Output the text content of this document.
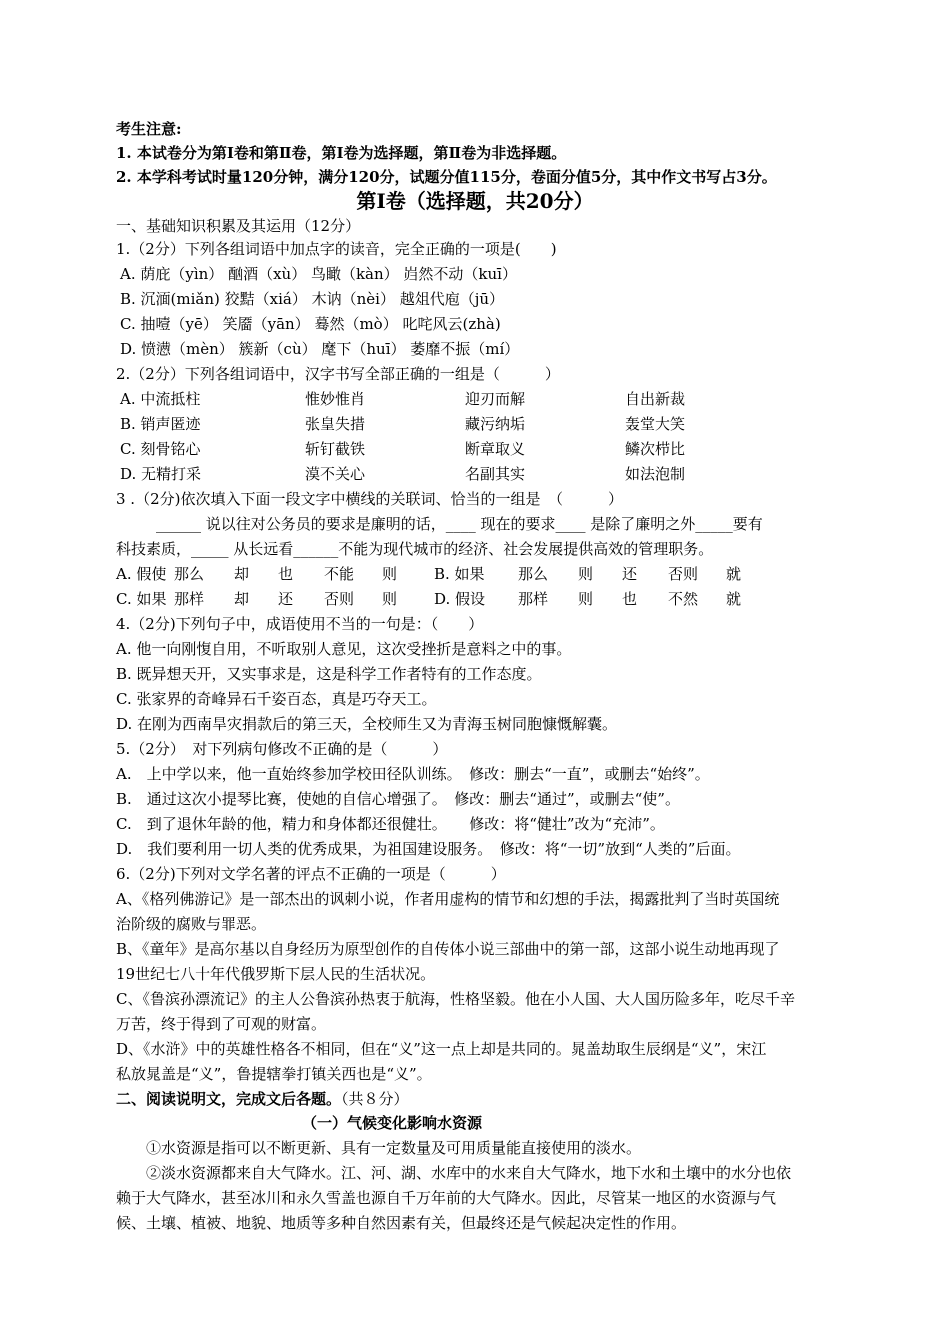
考生注意:
1. 本试卷分为第Ⅰ卷和第Ⅱ卷，第Ⅰ卷为选择题，第Ⅱ卷为非选择题。
2. 本学科考试时量120分钟，满分120分，试题分值115分，卷面分值5分，其中作文书写占3分。
第Ⅰ卷（选择题，共20分）
一、基础知识积累及其运用（12分）
1.（2分）下列各组词语中加点字的读音，完全正确的一项是(　　)
A. 荫庇（yìn） 酗酒（xù） 鸟瞰（kàn） 岿然不动（kuī）
B. 沉湎(miǎn) 狡黠（xiá） 木讷（nèi） 越俎代庖（jū）
C. 抽噎（yē） 笑靥（yān） 蓦然（mò） 叱咤风云(zhà)
D. 愤懑（mèn） 簇新（cù） 麾下（huī） 萎靡不振（mí）
2.（2分）下列各组词语中，汉字书写全部正确的一组是（　　　）
A. 中流抵柱	惟妙惟肖	迎刃而解	自出新裁
B. 销声匿迹	张皇失措	藏污纳垢	轰堂大笑
C. 刻骨铭心	斩钉截铁	断章取义	鳞次栉比
D. 无精打采	漠不关心	名副其实	如法泡制
3 .（2分)依次填入下面一段文字中横线的关联词、恰当的一组是　（　　　）
______ 说以往对公务员的要求是廉明的话，____ 现在的要求____ 是除了廉明之外_____要有
科技素质，_____ 从长远看______不能为现代城市的经济、社会发展提供高效的管理职务。
A. 假使 那么 却 也 不能 则 B. 如果 那么 则 还 否则 就
C. 如果 那样 却 还 否则 则 D. 假设 那样 则 也 不然 就
4.（2分)下列句子中，成语使用不当的一句是：（　　）
A. 他一向刚愎自用，不听取别人意见，这次受挫折是意料之中的事。
B. 既异想天开，又实事求是，这是科学工作者特有的工作态度。
C. 张家界的奇峰异石千姿百态，真是巧夺天工。
D. 在刚为西南旱灾捐款后的第三天，全校师生又为青海玉树同胞慷慨解囊。
5.（2分）　对下列病句修改不正确的是（　　　）
A.　上中学以来，他一直始终参加学校田径队训练。　修改：删去“一直”，或删去“始终”。
B.　通过这次小提琴比赛，使她的自信心增强了。　修改：删去“通过”，或删去“使”。
C.　到了退休年龄的他，精力和身体都还很健壮。　　修改：将“健壮”改为“充沛”。
D.　我们要利用一切人类的优秀成果，为祖国建设服务。　修改：将“一切”放到“人类的”后面。
6.（2分)下列对文学名著的评点不正确的一项是（　　　）
A、《格列佛游记》是一部杰出的讽刺小说，作者用虚构的情节和幻想的手法，揭露批判了当时英国统
治阶级的腐败与罪恶。
B、《童年》是高尔基以自身经历为原型创作的自传体小说三部曲中的第一部，这部小说生动地再现了
19世纪七八十年代俄罗斯下层人民的生活状况。
C、《鲁滨孙漂流记》的主人公鲁滨孙热衷于航海，性格坚毅。他在小人国、大人国历险多年，吃尽千辛
万苦，终于得到了可观的财富。
D、《水浒》中的英雄性格各不相同，但在“义”这一点上却是共同的。晁盖劫取生辰纲是“义”，宋江
私放晁盖是“义”，鲁提辖拳打镇关西也是“义”。
二、阅读说明文，完成文后各题。（共８分）
（一）气候变化影响水资源
①水资源是指可以不断更新、具有一定数量及可用质量能直接使用的淡水。
②淡水资源都来自大气降水。江、河、湖、水库中的水来自大气降水，地下水和土壤中的水分也依
赖于大气降水，甚至冰川和永久雪盖也源自千万年前的大气降水。因此，尽管某一地区的水资源与气
候、土壤、植被、地貌、地质等多种自然因素有关，但最终还是气候起决定性的作用。
